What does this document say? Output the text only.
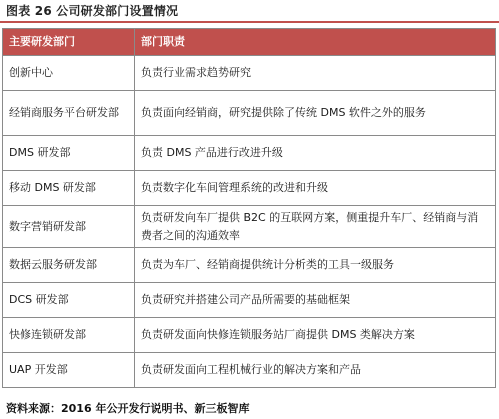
图表 26 公司研发部门设置情况
主要研发部门	部门职责
创新中心	负责行业需求趋势研究
经销商服务平台研发部	负责面向经销商，研究提供除了传统 DMS 软件之外的服务
DMS 研发部	负责 DMS 产品进行改进升级
移动 DMS 研发部	负责数字化车间管理系统的改进和升级
数字营销研发部	负责研发向车厂提供 B2C 的互联网方案，侧重提升车厂、经销商与消费者之间的沟通效率
数据云服务研发部	负责为车厂、经销商提供统计分析类的工具一级服务
DCS 研发部	负责研究并搭建公司产品所需要的基础框架
快修连锁研发部	负责研发面向快修连锁服务站厂商提供 DMS 类解决方案
UAP 开发部	负责研发面向工程机械行业的解决方案和产品
资料来源：2016 年公开发行说明书、新三板智库
